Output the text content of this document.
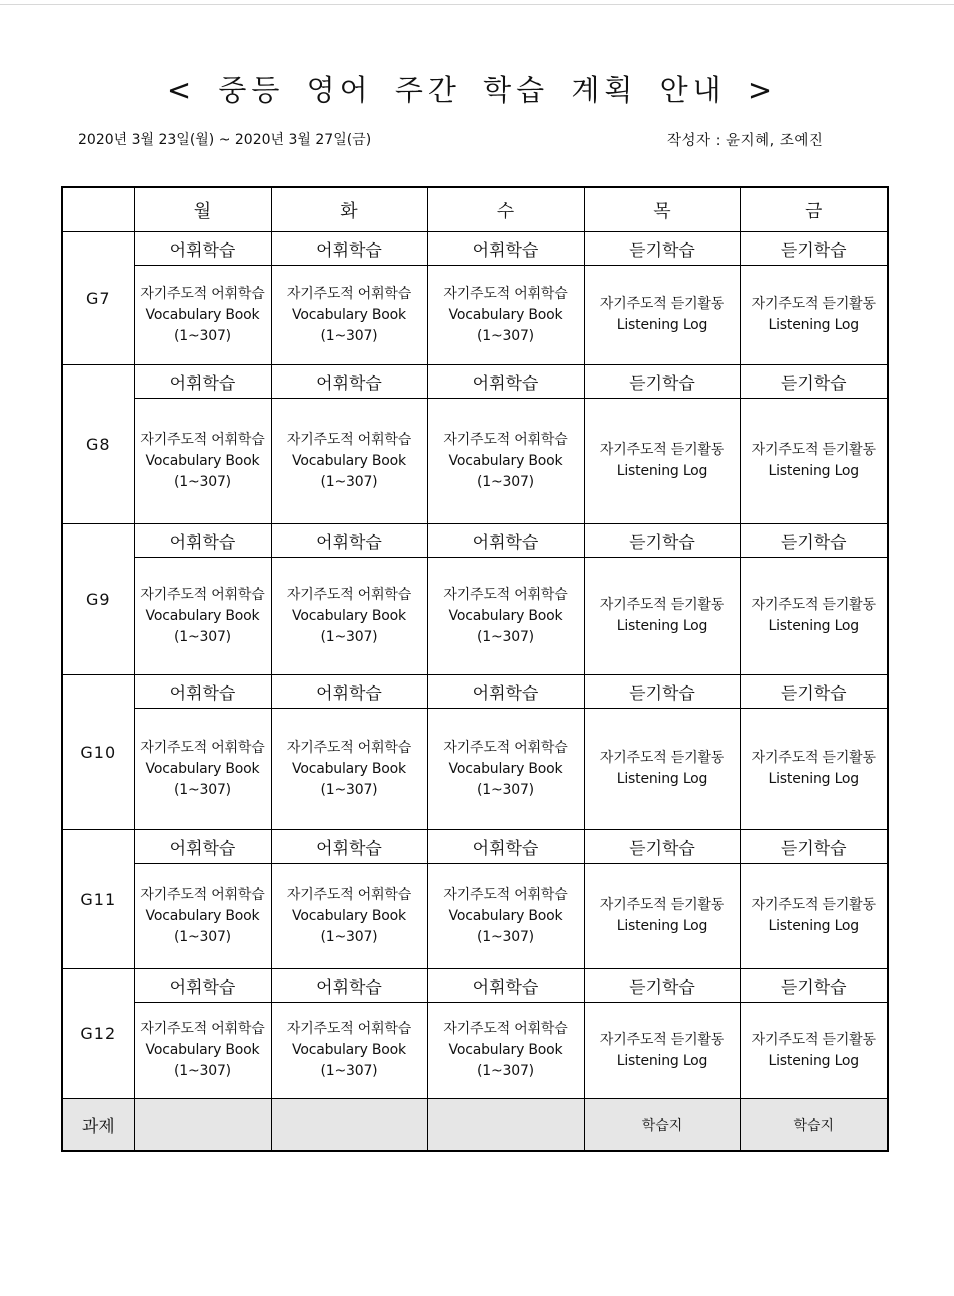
< 중등 영어 주간 학습 계획 안내 >
2020년 3월 23일(월) ~ 2020년 3월 27일(금)	작성자 : 윤지혜, 조예진
	월	화	수	목	금
G7	어휘학습	어휘학습	어휘학습	듣기학습	듣기학습

	자기주도적 어휘학습
Vocabulary Book
(1~307)	자기주도적 어휘학습
Vocabulary Book
(1~307)	자기주도적 어휘학습
Vocabulary Book
(1~307)	자기주도적 듣기활동
Listening Log	자기주도적 듣기활동
Listening Log

G8	어휘학습	어휘학습	어휘학습	듣기학습	듣기학습

	자기주도적 어휘학습
Vocabulary Book
(1~307)	자기주도적 어휘학습
Vocabulary Book
(1~307)	자기주도적 어휘학습
Vocabulary Book
(1~307)	자기주도적 듣기활동
Listening Log	자기주도적 듣기활동
Listening Log

G9	어휘학습	어휘학습	어휘학습	듣기학습	듣기학습

	자기주도적 어휘학습
Vocabulary Book
(1~307)	자기주도적 어휘학습
Vocabulary Book
(1~307)	자기주도적 어휘학습
Vocabulary Book
(1~307)	자기주도적 듣기활동
Listening Log	자기주도적 듣기활동
Listening Log

G10	어휘학습	어휘학습	어휘학습	듣기학습	듣기학습

	자기주도적 어휘학습
Vocabulary Book
(1~307)	자기주도적 어휘학습
Vocabulary Book
(1~307)	자기주도적 어휘학습
Vocabulary Book
(1~307)	자기주도적 듣기활동
Listening Log	자기주도적 듣기활동
Listening Log

G11	어휘학습	어휘학습	어휘학습	듣기학습	듣기학습

	자기주도적 어휘학습
Vocabulary Book
(1~307)	자기주도적 어휘학습
Vocabulary Book
(1~307)	자기주도적 어휘학습
Vocabulary Book
(1~307)	자기주도적 듣기활동
Listening Log	자기주도적 듣기활동
Listening Log

G12	어휘학습	어휘학습	어휘학습	듣기학습	듣기학습

	자기주도적 어휘학습
Vocabulary Book
(1~307)	자기주도적 어휘학습
Vocabulary Book
(1~307)	자기주도적 어휘학습
Vocabulary Book
(1~307)	자기주도적 듣기활동
Listening Log	자기주도적 듣기활동
Listening Log

과제				학습지	학습지
